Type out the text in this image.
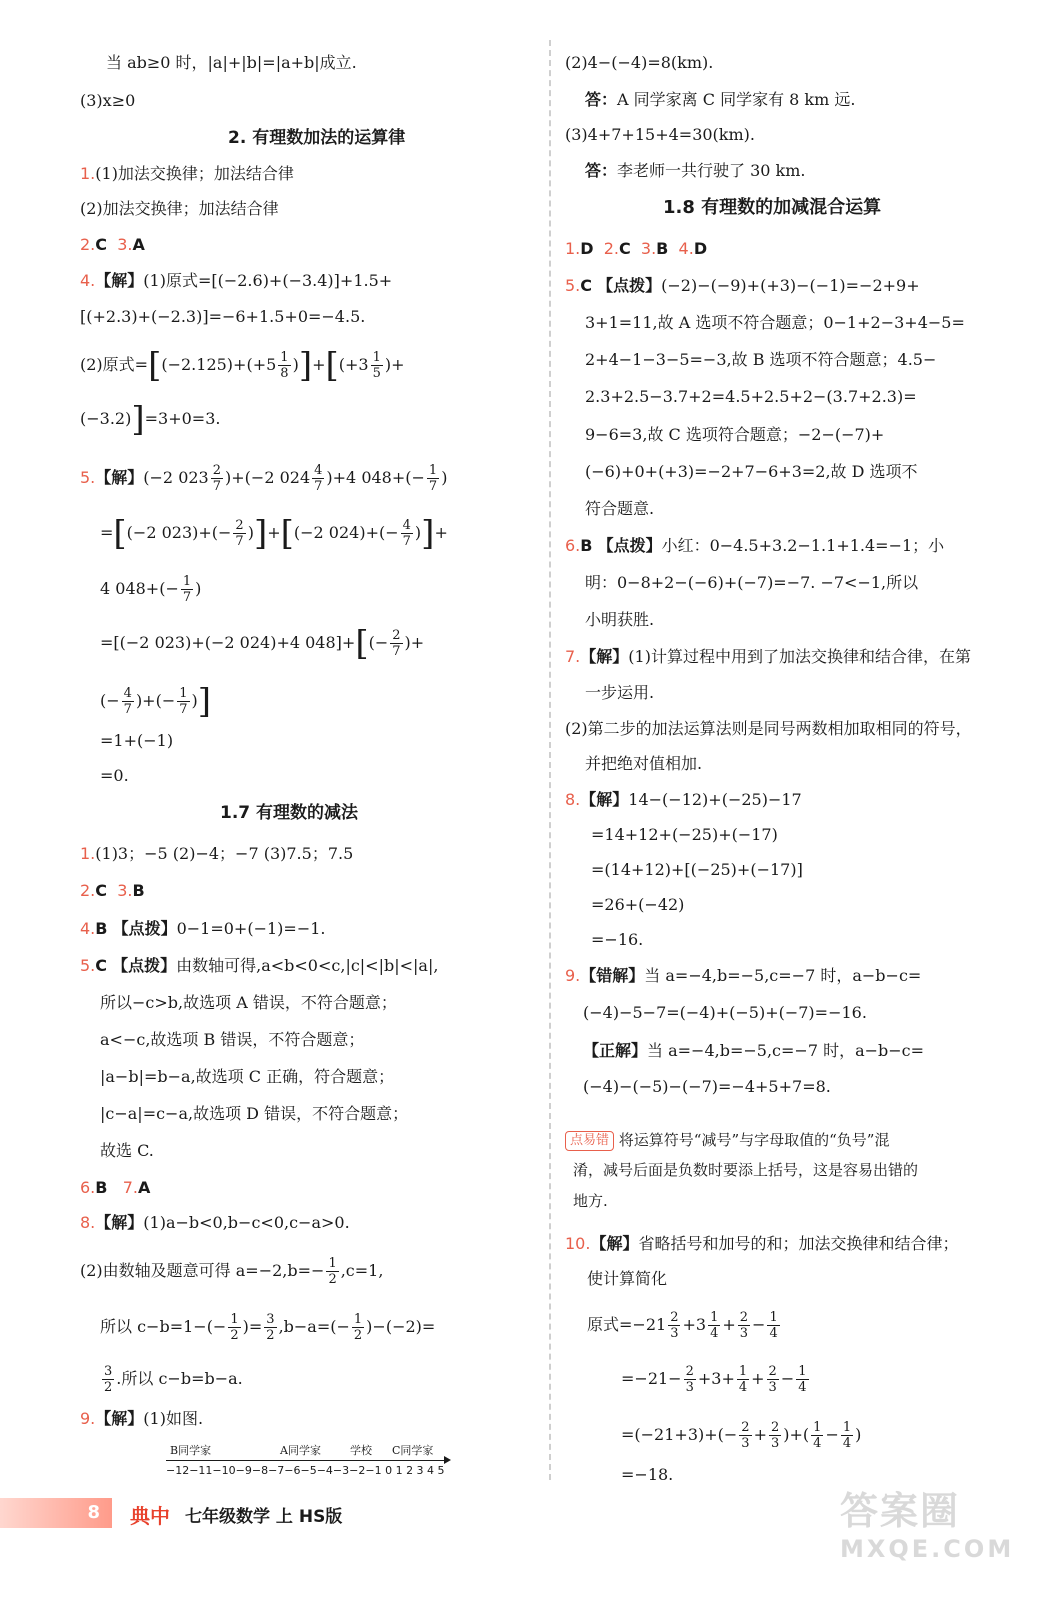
当 ab≥0 时，|a|+|b|=|a+b|成立.
(3)x≥0
2. 有理数加法的运算律
1.(1)加法交换律；加法结合律
(2)加法交换律；加法结合律
2.C 3.A
4.【解】(1)原式=[(−2.6)+(−3.4)]+1.5+
[(+2.3)+(−2.3)]=−6+1.5+0=−4.5.
(2)原式$=[(-2.125)+(+5 \frac{1}{8} )]+[(+3 \frac{1}{5}$ )+
(−3.2)]=3+0=3.
5.【解】(−2 $023 \frac{2}{7} )+(-2$ $024 \frac{4}{7} )+4$ $048+(- \frac{1}{7}$ )
=[(−2 $023)+(- \frac{2}{7} )]+[(-2$ $024)+(- \frac{4}{7}$ )]+
4 $048+(- \frac{1}{7}$ )
=[(−2 023)+(−2 024)+4 $048]+[(- \frac{2}{7}$ )+
(− $\frac{4}{7}$ )+(− $\frac{1}{7}$ )]
=1+(−1)
=0.
1.7 有理数的减法
1.(1)3；−5 (2)−4；−7 (3)7.5；7.5
2.C 3.B
4.B 【点拨】0−1=0+(−1)=−1.
5.C 【点拨】由数轴可得,a<b<0<c,|c|<|b|<|a|,
所以−c>b,故选项 A 错误，不符合题意；
a<−c,故选项 B 错误，不符合题意；
|a−b|=b−a,故选项 C 正确，符合题意；
|c−a|=c−a,故选项 D 错误，不符合题意；
故选 C.
6.B 7.A
8.【解】(1)a−b<0,b−c<0,c−a>0.
(2)由数轴及题意可得 $a=-2,b=- \frac{1}{2} ,c=1$,
所以 $c-b=1-(- \frac{1}{2}$ )= $\frac{3}{2} ,b-a=(- \frac{1}{2} )-(-2)=$
$\frac{3}{2}$ .所以 c−b=b−a.
9.【解】(1)如图.
B同学家	A同学家	学校 C同学家
−12−11−10−9−8−7−6−5−4−3−2−1 0 1 2 3 4 5
(2)4−(−4)=8(km).
答：A 同学家离 C 同学家有 8 km 远.
(3)4+7+15+4=30(km).
答：李老师一共行驶了 30 km.
1.8 有理数的加减混合运算
1.D 2.C 3.B 4.D
5.C 【点拨】(−2)−(−9)+(+3)−(−1)=−2+9+
3+1=11,故 A 选项不符合题意；0−1+2−3+4−5=
2+4−1−3−5=−3,故 B 选项不符合题意；4.5−
2.3+2.5−3.7+2=4.5+2.5+2−(3.7+2.3)=
9−6=3,故 C 选项符合题意；−2−(−7)+
(−6)+0+(+3)=−2+7−6+3=2,故 D 选项不
符合题意.
6.B 【点拨】小红：0−4.5+3.2−1.1+1.4=−1；小
明：0−8+2−(−6)+(−7)=−7. −7<−1,所以
小明获胜.
7.【解】(1)计算过程中用到了加法交换律和结合律，在第
一步运用.
(2)第二步的加法运算法则是同号两数相加取相同的符号，
并把绝对值相加.
8.【解】14−(−12)+(−25)−17
=14+12+(−25)+(−17)
=(14+12)+[(−25)+(−17)]
=26+(−42)
=−16.
9.【错解】当 a=−4,b=−5,c=−7 时，a−b−c=
(−4)−5−7=(−4)+(−5)+(−7)=−16.
【正解】当 a=−4,b=−5,c=−7 时，a−b−c=
(−4)−(−5)−(−7)=−4+5+7=8.
点易错 将运算符号“减号”与字母取值的“负号”混
淆，减号后面是负数时要添上括号，这是容易出错的
地方.
10.【解】省略括号和加号的和；加法交换律和结合律；
使计算简化
原式$=-21 \frac{2}{3} +3 \frac{1}{4} + \frac{2}{3} - \frac{1}{4}$
$=-21- \frac{2}{3} +3+ \frac{1}{4} + \frac{2}{3} - \frac{1}{4}$
$=(-21+3)+(- \frac{2}{3} + \frac{2}{3}$ )+( $\frac{1}{4} - \frac{1}{4}$ )
=−18.
8	典中 七年级数学 上 HS版	答案圈
MXQE.COM
